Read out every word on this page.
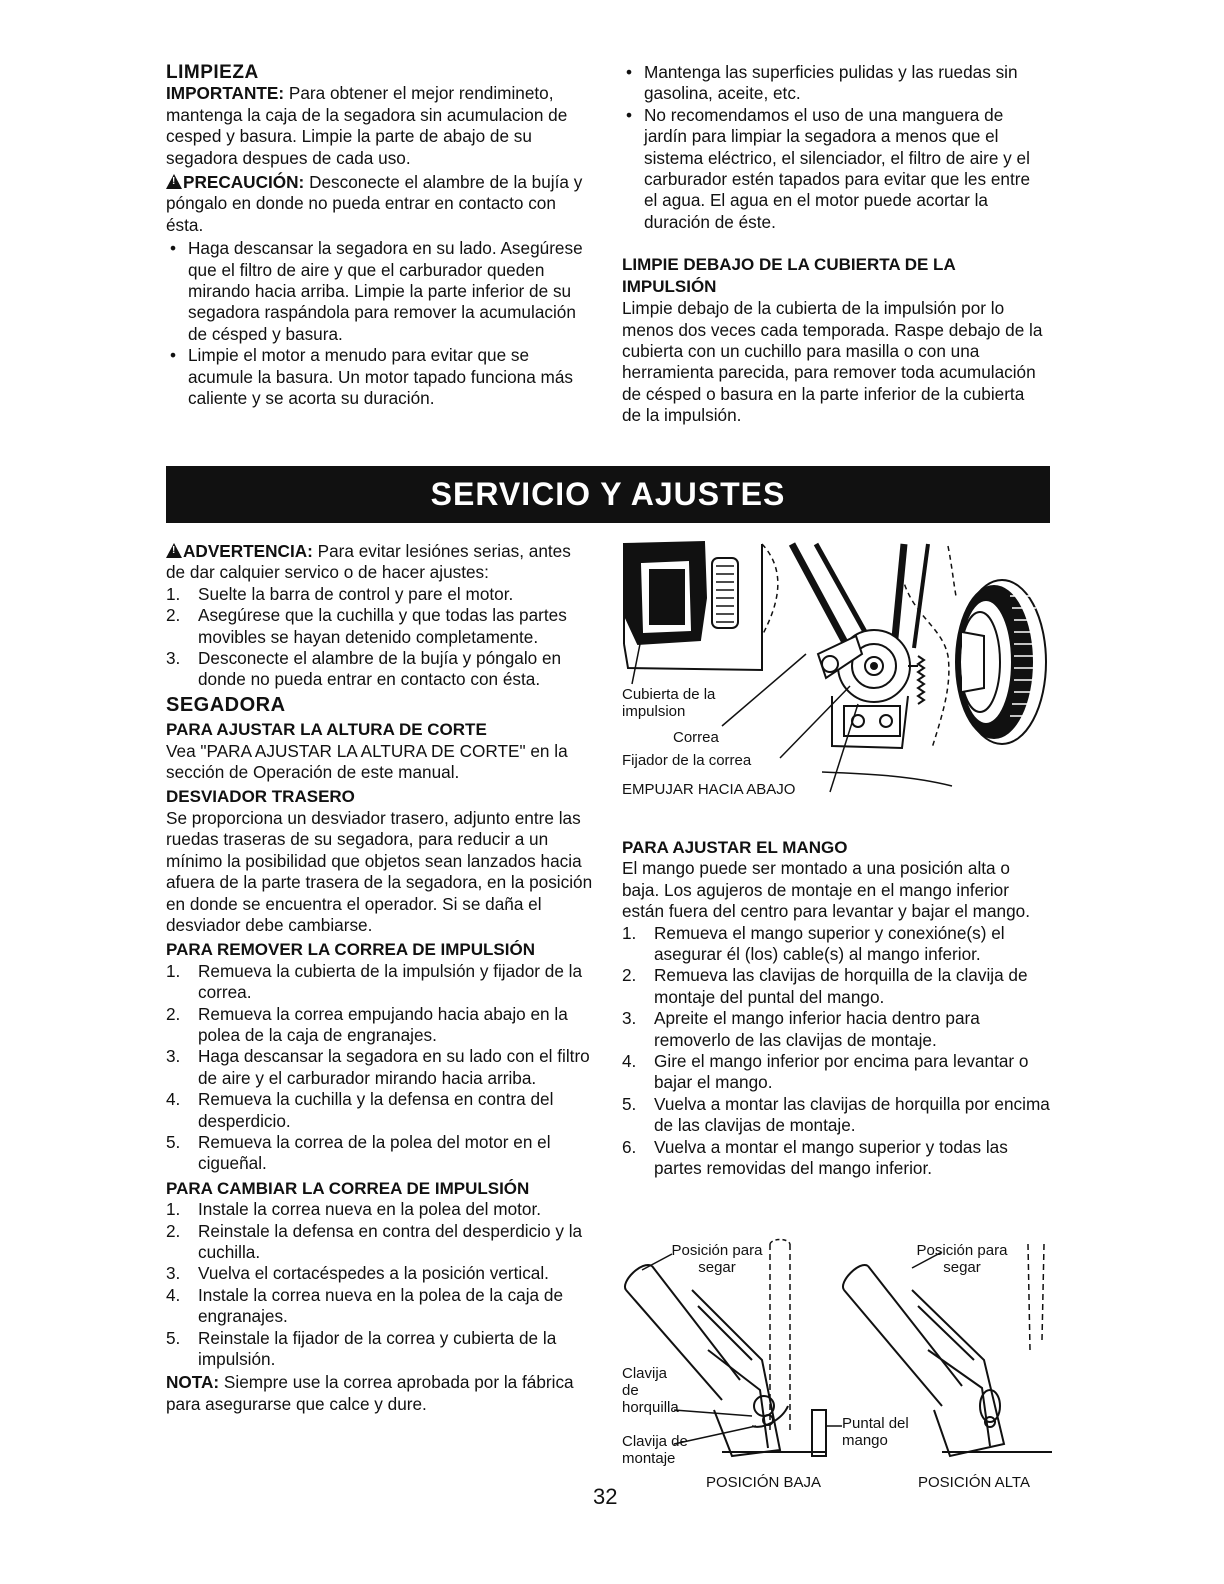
LIMPIEZA

IMPORTANTE: Para obtener el mejor rendimineto, mantenga la caja de la segadora sin acumulacion de cesped y basura. Limpie la parte de abajo de su segadora despues de cada uso.

!PRECAUCIÓN: Desconecte el alambre de la bujía y póngalo en donde no pueda entrar en contacto con ésta.

• Haga descansar la segadora en su lado. Asegúrese que el filtro de aire y que el carburador queden mirando hacia arriba. Limpie la parte inferior de su segadora raspándola para remover la acumulación de césped y basura.
• Limpie el motor a menudo para evitar que se acumule la basura. Un motor tapado funciona más caliente y se acorta su duración.
• Mantenga las superficies pulidas y las ruedas sin gasolina, aceite, etc.
• No recomendamos el uso de una manguera de jardín para limpiar la segadora a menos que el sistema eléctrico, el silenciador, el filtro de aire y el carburador estén tapados para evitar que les entre el agua. El agua en el motor puede acortar la duración de éste.
LIMPIE DEBAJO DE LA CUBIERTA DE LA IMPULSIÓN

Limpie debajo de la cubierta de la impulsión por lo menos dos veces cada temporada. Raspe debajo de la cubierta con un cuchillo para masilla o con una herramienta parecida, para remover toda acumulación de césped o basura en la parte inferior de la cubierta de la impulsión.

SERVICIO Y AJUSTES

!ADVERTENCIA: Para evitar lesiónes serias, antes de dar calquier servico o de hacer ajustes:

1. Suelte la barra de control y pare el motor.
2. Asegúrese que la cuchilla y que todas las partes movibles se hayan detenido completamente.
3. Desconecte el alambre de la bujía y póngalo en donde no pueda entrar en contacto con ésta.
SEGADORA
PARA AJUSTAR LA ALTURA DE CORTE

Vea "PARA AJUSTAR LA ALTURA DE CORTE" en la sección de Operación de este manual.

DESVIADOR TRASERO

Se proporciona un desviador trasero, adjunto entre las ruedas traseras de su segadora, para reducir a un mínimo la posibilidad que objetos sean lanzados hacia afuera de la parte trasera de la segadora, en la posición en donde se encuentra el operador. Si se daña el desviador debe cambiarse.

PARA REMOVER LA CORREA DE IMPULSIÓN
1. Remueva la cubierta de la impulsión y fijador de la correa.
2. Remueva la correa empujando hacia abajo en la polea de la caja de engranajes.
3. Haga descansar la segadora en su lado con el filtro de aire y el carburador mirando hacia arriba.
4. Remueva la cuchilla y la defensa en contra del desperdicio.
5. Remueva la correa de la polea del motor en el cigueñal.
PARA CAMBIAR LA CORREA DE IMPULSIÓN
1. Instale la correa nueva en la polea del motor.
2. Reinstale la defensa en contra del desperdicio y la cuchilla.
3. Vuelva el cortacéspedes a la posición vertical.
4. Instale la correa nueva en la polea de la caja de engranajes.
5. Reinstale la fijador de la correa y cubierta de la impulsión.

NOTA: Siempre use la correa aprobada por la fábrica para asegurarse que calce y dure.

Cubierta de la impulsion
Correa
Fijador de la correa
EMPUJAR HACIA ABAJO
PARA AJUSTAR EL MANGO

El mango puede ser montado a una posición alta o baja. Los agujeros de montaje en el mango inferior están fuera del centro para levantar y bajar el mango.

1. Remueva el mango superior y conexióne(s) el asegurar él (los) cable(s) al mango inferior.
2. Remueva las clavijas de horquilla de la clavija de montaje del puntal del mango.
3. Apreite el mango inferior hacia dentro para removerlo de las clavijas de montaje.
4. Gire el mango inferior por encima para levantar o bajar el mango.
5. Vuelva a montar las clavijas de horquilla por encima de las clavijas de montaje.
6. Vuelva a montar el mango superior y todas las partes removidas del mango inferior.
Posición para segar
Posición para segar
Clavija de horquilla
Clavija de montaje
Puntal del mango
POSICIÓN BAJA	POSICIÓN ALTA
32
